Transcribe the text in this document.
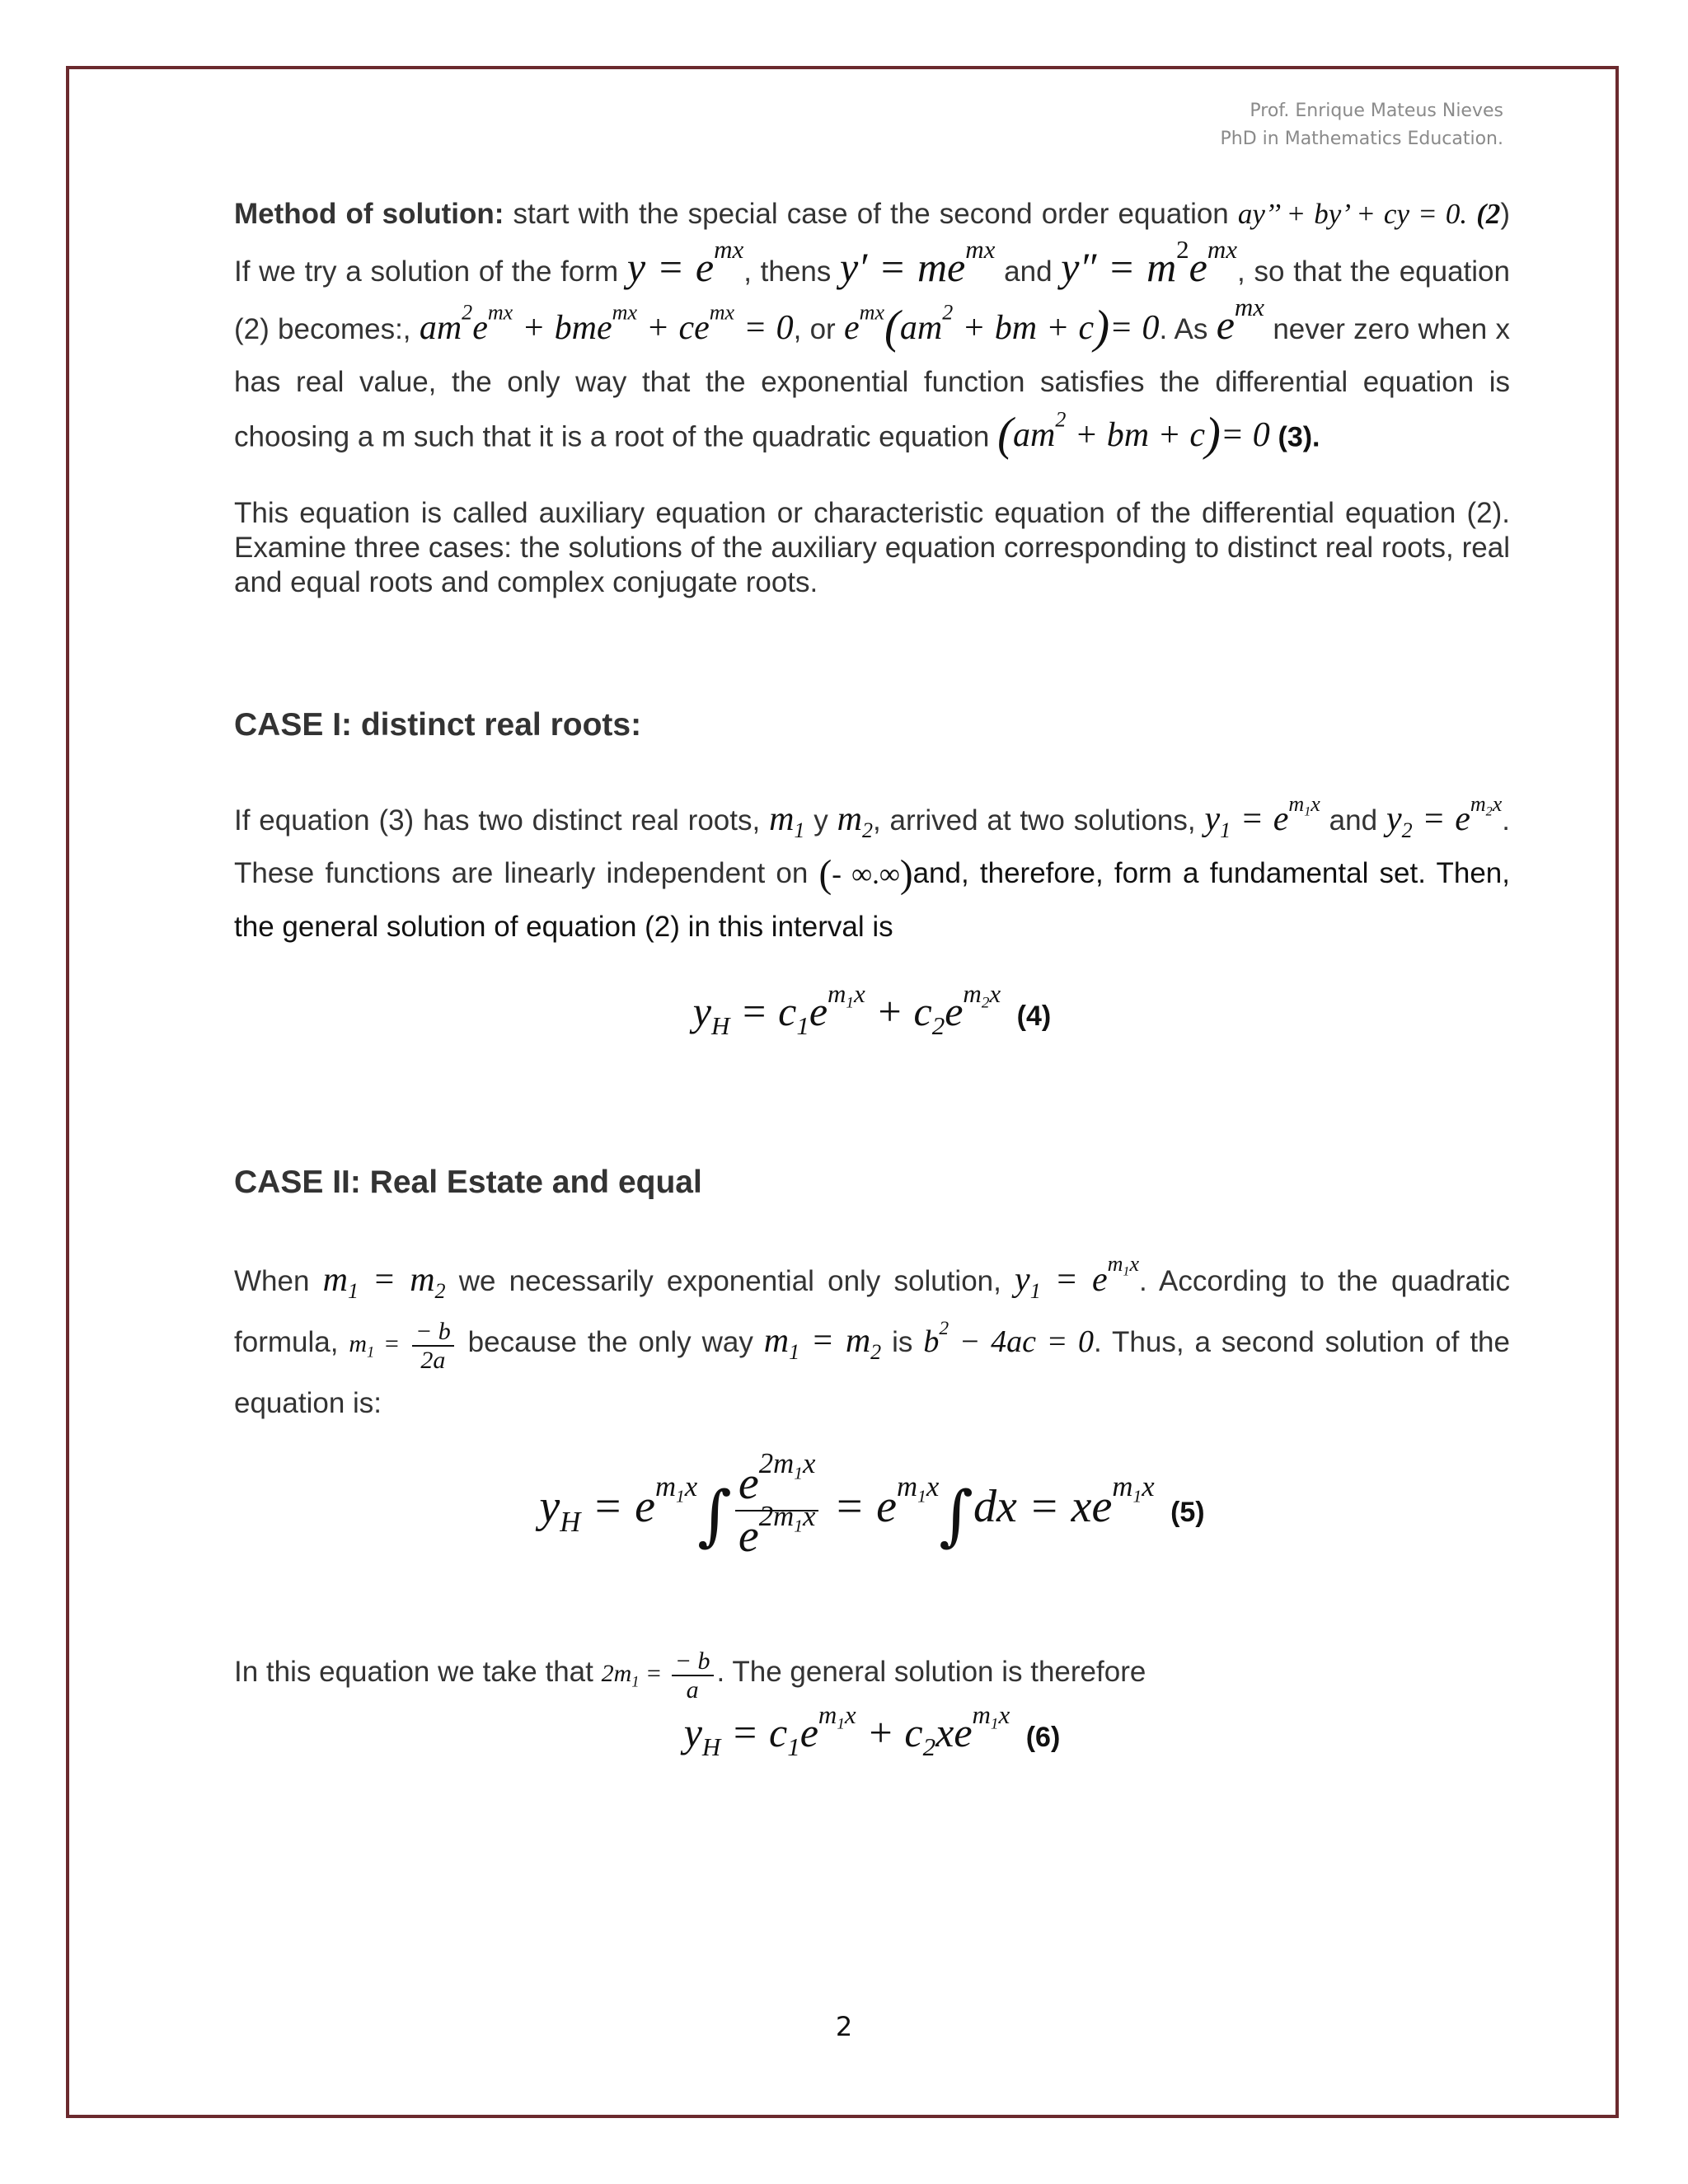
Prof. Enrique Mateus Nieves
PhD in Mathematics Education.

Method of solution: start with the special case of the second order equation ay’’ + by’ + cy = 0. (2) If we try a solution of the form $y = e^{mx}$, thens $y' = me^{mx}$ and $y'' = m^2e^{mx}$, so that the equation (2) becomes:, $am^2e^{mx} + bme^{mx} + ce^{mx} = 0$, or $e^{mx}(am^2$ + bm + c)= 0. As $e^{mx}$ never zero when x has real value, the only way that the exponential function satisfies the differential equation is choosing a m such that it is a root of the quadratic equation ($am^2$ + bm + c)= 0 (3).

This equation is called auxiliary equation or characteristic equation of the differential equation (2). Examine three cases: the solutions of the auxiliary equation corresponding to distinct real roots, real and equal roots and complex conjugate roots.

CASE I: distinct real roots:

If equation (3) has two distinct real roots, $m_1$ y $m_2$, arrived at two solutions, $y_1 = e^{m_1x}$ and $y_2 = e^{m_2x}$. These functions are linearly independent on (- ∞.∞)and, therefore, form a fundamental set. Then, the general solution of equation (2) in this interval is

$y_H = c_1e^{m_1x} + c_2e^{m_2x}$  (4)

CASE II: Real Estate and equal

When $m_1 = m_2$ we necessarily exponential only solution, $y_1 = e^{m_1x}$. According to the quadratic formula, $m_1 = \frac{- b}{2a}$ because the only way $m_1 = m_2$ is $b^2 - 4ac = 0$. Thus, a second solution of the equation is:

$y_H = e^{m_1x}\int \frac{e^{2m_1x}}{e^{2m_1x}} = e^{m_1x}\int dx = xe^{m_1x}$  (5)

In this equation we take that $2m_1 = \frac{- b}{a}$ . The general solution is therefore

$y_H = c_1e^{m_1x} + c_2xe^{m_1x}$  (6)

2
